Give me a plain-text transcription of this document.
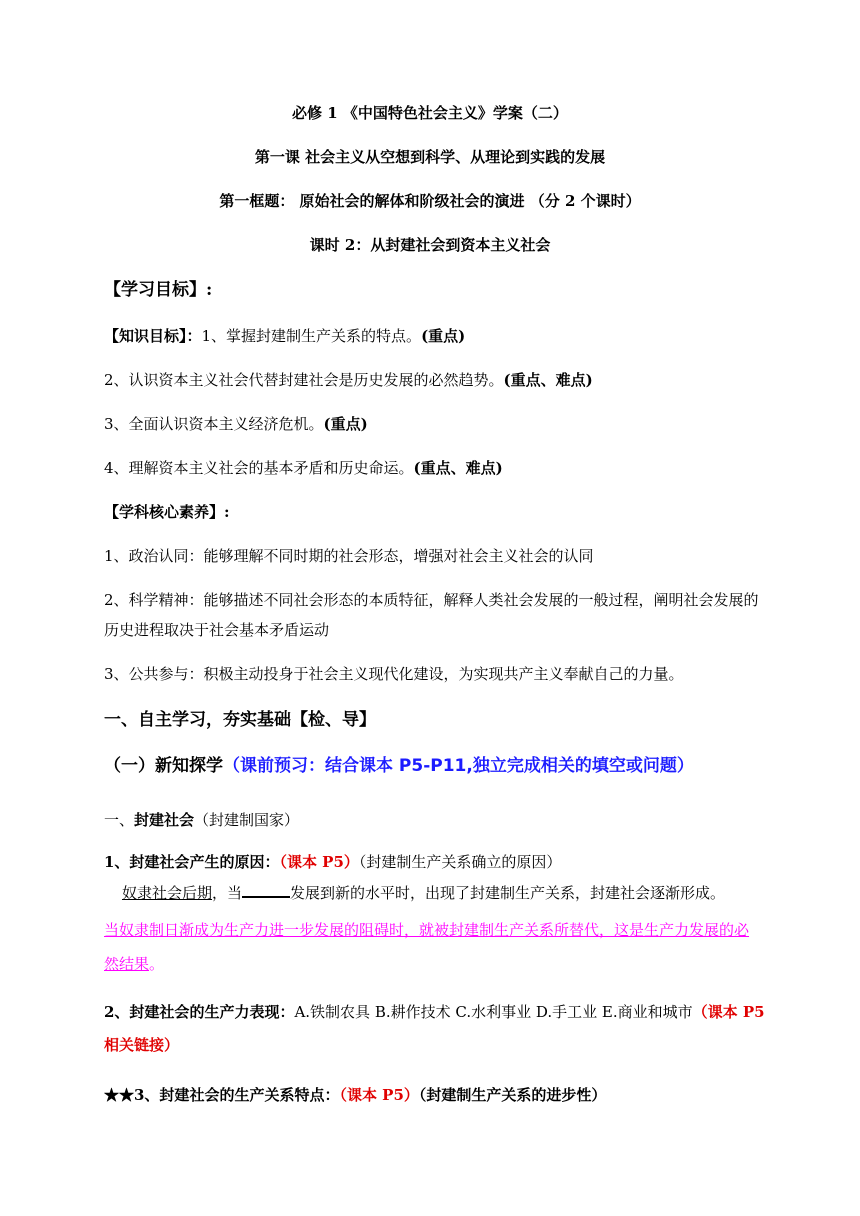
必修 1 《中国特色社会主义》学案（二）
第一课 社会主义从空想到科学、从理论到实践的发展
第一框题： 原始社会的解体和阶级社会的演进 （分 2 个课时）
课时 2：从封建社会到资本主义社会
【学习目标】:
【知识目标】：1、掌握封建制生产关系的特点。(重点)
2、认识资本主义社会代替封建社会是历史发展的必然趋势。(重点、难点)
3、全面认识资本主义经济危机。(重点)
4、理解资本主义社会的基本矛盾和历史命运。(重点、难点)
【学科核心素养】:
1、政治认同：能够理解不同时期的社会形态，增强对社会主义社会的认同
2、科学精神：能够描述不同社会形态的本质特征，解释人类社会发展的一般过程，阐明社会发展的
历史进程取决于社会基本矛盾运动
3、公共参与：积极主动投身于社会主义现代化建设，为实现共产主义奉献自己的力量。
一、自主学习，夯实基础【检、导】
（一）新知探学（课前预习：结合课本 P5-P11,独立完成相关的填空或问题）
一、封建社会（封建制国家）
1、封建社会产生的原因：（课本 P5）（封建制生产关系确立的原因）
奴隶社会后期，当	发展到新的水平时，出现了封建制生产关系，封建社会逐渐形成。
当奴隶制日渐成为生产力进一步发展的阻碍时，就被封建制生产关系所替代，这是生产力发展的必
然结果。
2、封建社会的生产力表现：A.铁制农具 B.耕作技术 C.水利事业 D.手工业 E.商业和城市（课本 P5
相关链接）
★★3、封建社会的生产关系特点：（课本 P5）（封建制生产关系的进步性）
